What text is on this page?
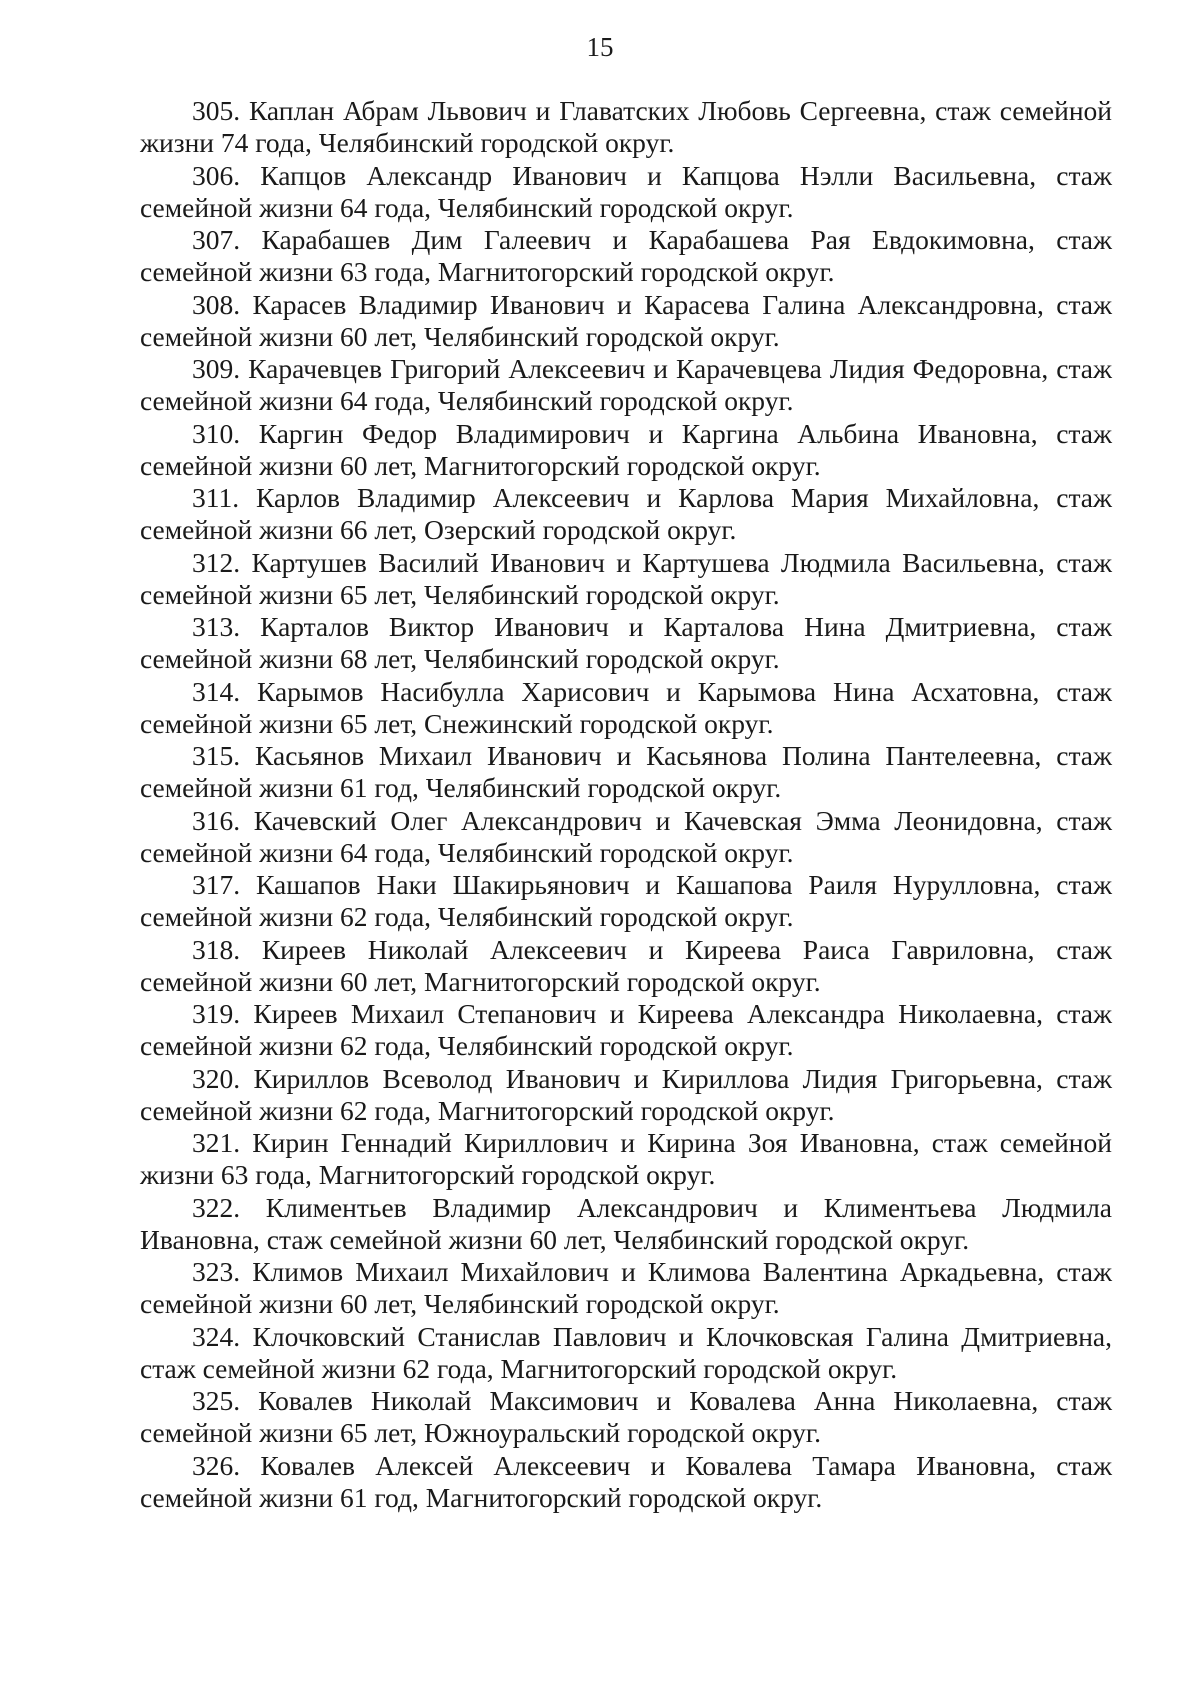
15
305. Каплан Абрам Львович и Главатских Любовь Сергеевна, стаж семейной жизни 74 года, Челябинский городской округ.
306. Капцов Александр Иванович и Капцова Нэлли Васильевна, стаж семейной жизни 64 года, Челябинский городской округ.
307. Карабашев Дим Галеевич и Карабашева Рая Евдокимовна, стаж семейной жизни 63 года, Магнитогорский городской округ.
308. Карасев Владимир Иванович и Карасева Галина Александровна, стаж семейной жизни 60 лет, Челябинский городской округ.
309. Карачевцев Григорий Алексеевич и Карачевцева Лидия Федоровна, стаж семейной жизни 64 года, Челябинский городской округ.
310. Каргин Федор Владимирович и Каргина Альбина Ивановна, стаж семейной жизни 60 лет, Магнитогорский городской округ.
311. Карлов Владимир Алексеевич и Карлова Мария Михайловна, стаж семейной жизни 66 лет, Озерский городской округ.
312. Картушев Василий Иванович и Картушева Людмила Васильевна, стаж семейной жизни 65 лет, Челябинский городской округ.
313. Карталов Виктор Иванович и Карталова Нина Дмитриевна, стаж семейной жизни 68 лет, Челябинский городской округ.
314. Карымов Насибулла Харисович и Карымова Нина Асхатовна, стаж семейной жизни 65 лет, Снежинский городской округ.
315. Касьянов Михаил Иванович и Касьянова Полина Пантелеевна, стаж семейной жизни 61 год, Челябинский городской округ.
316. Качевский Олег Александрович и Качевская Эмма Леонидовна, стаж семейной жизни 64 года, Челябинский городской округ.
317. Кашапов Наки Шакирьянович и Кашапова Раиля Нурулловна, стаж семейной жизни 62 года, Челябинский городской округ.
318. Киреев Николай Алексеевич и Киреева Раиса Гавриловна, стаж семейной жизни 60 лет, Магнитогорский городской округ.
319. Киреев Михаил Степанович и Киреева Александра Николаевна, стаж семейной жизни 62 года, Челябинский городской округ.
320. Кириллов Всеволод Иванович и Кириллова Лидия Григорьевна, стаж семейной жизни 62 года, Магнитогорский городской округ.
321. Кирин Геннадий Кириллович и Кирина Зоя Ивановна, стаж семейной жизни 63 года, Магнитогорский городской округ.
322. Климентьев Владимир Александрович и Климентьева Людмила Ивановна, стаж семейной жизни 60 лет, Челябинский городской округ.
323. Климов Михаил Михайлович и Климова Валентина Аркадьевна, стаж семейной жизни 60 лет, Челябинский городской округ.
324. Клочковский Станислав Павлович и Клочковская Галина Дмитриевна, стаж семейной жизни 62 года, Магнитогорский городской округ.
325. Ковалев Николай Максимович и Ковалева Анна Николаевна, стаж семейной жизни 65 лет, Южноуральский городской округ.
326. Ковалев Алексей Алексеевич и Ковалева Тамара Ивановна, стаж семейной жизни 61 год, Магнитогорский городской округ.
